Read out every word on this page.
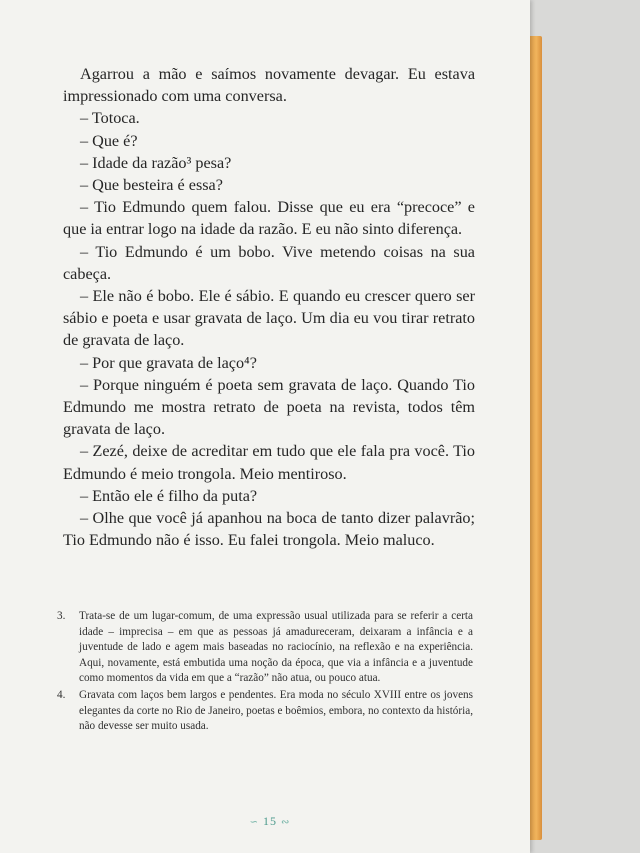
Agarrou a mão e saímos novamente devagar. Eu estava impressionado com uma conversa.

– Totoca.

– Que é?

– Idade da razão³ pesa?

– Que besteira é essa?

– Tio Edmundo quem falou. Disse que eu era “precoce” e que ia entrar logo na idade da razão. E eu não sinto diferença.

– Tio Edmundo é um bobo. Vive metendo coisas na sua cabeça.

– Ele não é bobo. Ele é sábio. E quando eu crescer quero ser sábio e poeta e usar gravata de laço. Um dia eu vou tirar retrato de gravata de laço.

– Por que gravata de laço⁴?

– Porque ninguém é poeta sem gravata de laço. Quando Tio Edmundo me mostra retrato de poeta na revista, todos têm gravata de laço.

– Zezé, deixe de acreditar em tudo que ele fala pra você. Tio Edmundo é meio trongola. Meio mentiroso.

– Então ele é filho da puta?

– Olhe que você já apanhou na boca de tanto dizer palavrão; Tio Edmundo não é isso. Eu falei trongola. Meio maluco.

3.	Trata-se de um lugar-comum, de uma expressão usual utilizada para se referir a certa idade – imprecisa – em que as pessoas já amadureceram, deixaram a infância e a juventude de lado e agem mais baseadas no raciocínio, na reflexão e na experiência. Aqui, novamente, está embutida uma noção da época, que via a infância e a juventude como momentos da vida em que a “razão” não atua, ou pouco atua.
4.	Gravata com laços bem largos e pendentes. Era moda no século XVIII entre os jovens elegantes da corte no Rio de Janeiro, poetas e boêmios, embora, no contexto da história, não devesse ser muito usada.
∽ 15 ∾
